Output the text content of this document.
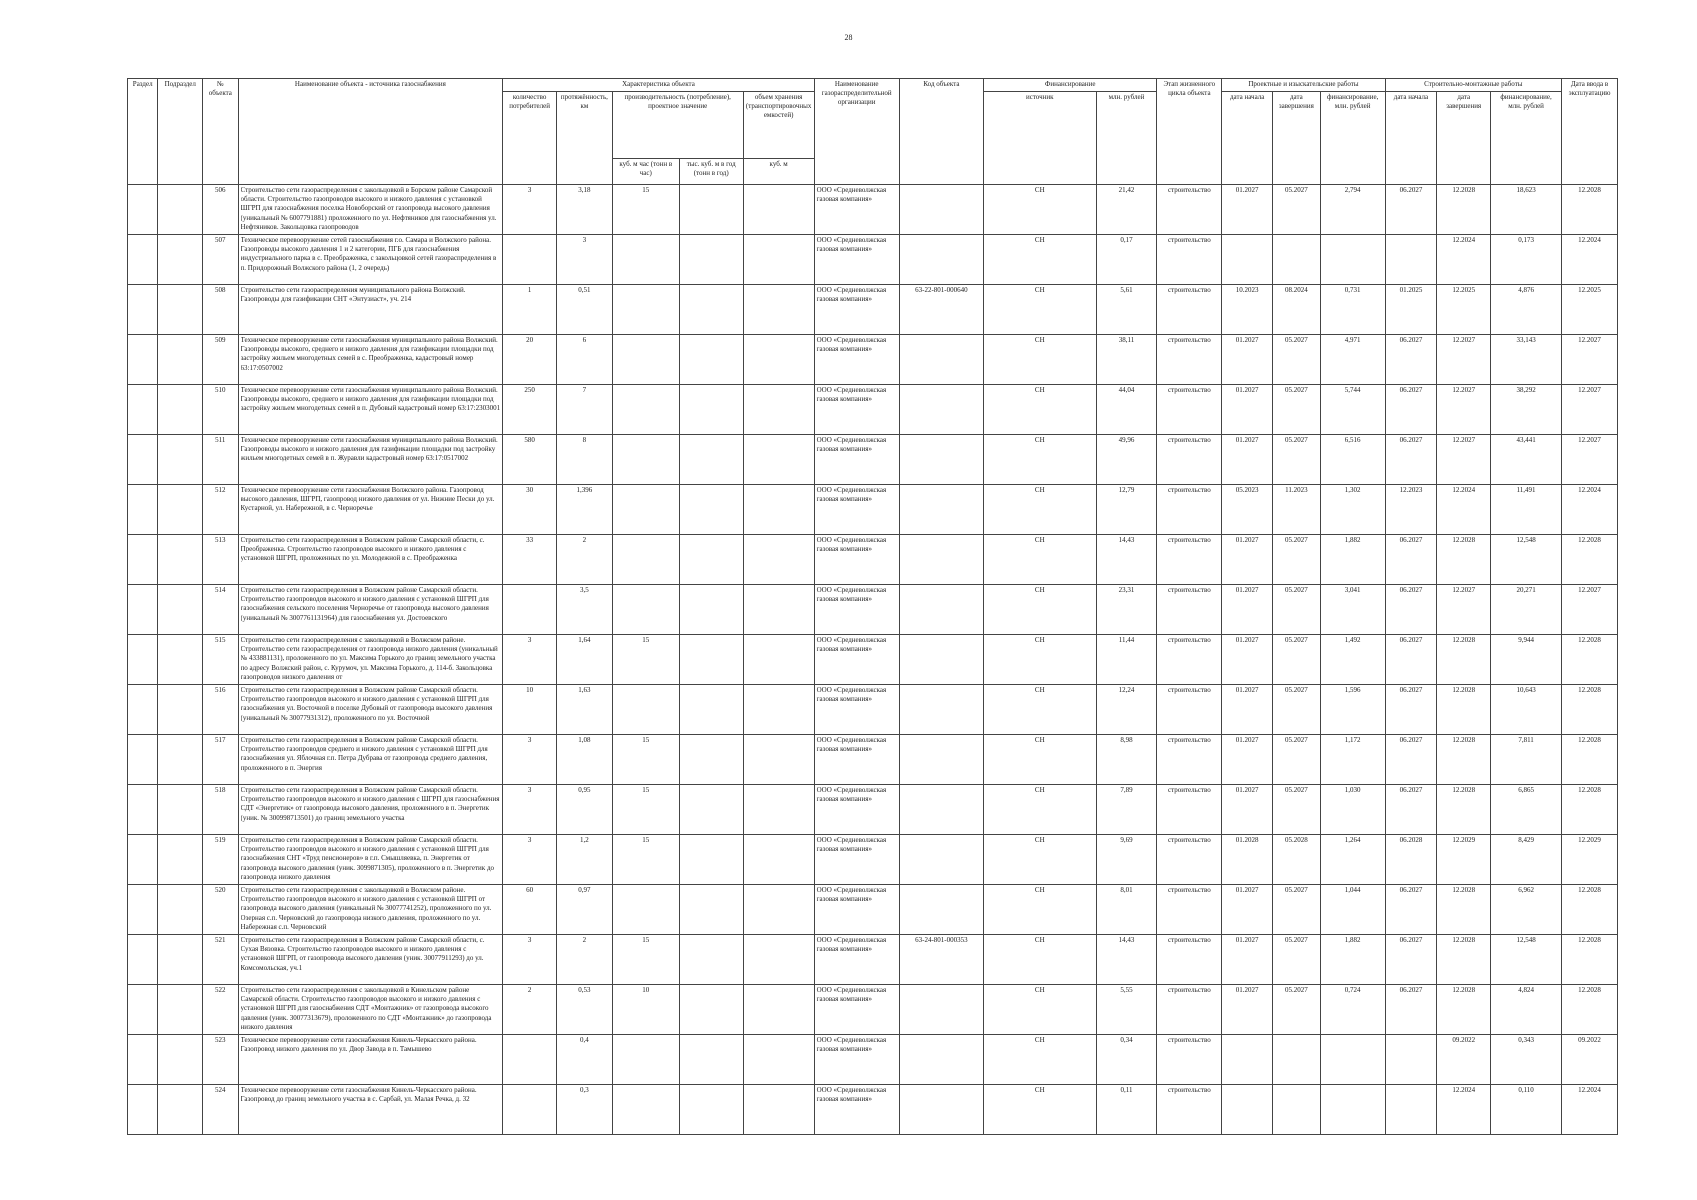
28
Раздел	Подраздел	№ объекта	Наименование объекта - источника газоснабжения	Характеристика объекта					Наименование газораспределительной организации	Код объекта	Финансирование		Этап жизненного цикла объекта	Проектные и изыскательские работы			Строительно-монтажные работы			Дата ввода в эксплуатацию
				количество потребителей	протяжённость, км	производительность (потребление), проектное значение		объем хранения (транспортировочных емкостей)			источник	млн. рублей		дата начала	дата завершения	финансирование, млн. рублей	дата начала	дата завершения	финансирование, млн. рублей	
						куб. м час (тонн в час)	тыс. куб. м в год (тонн в год)	куб. м												
		506	Строительство сети газораспределения с закольцовкой в Борском районе Самарской области. Строительство газопроводов высокого и низкого давления с установкой ШГРП для газоснабжения поселка Новоборский от газопровода высокого давления (уникальный № 6007791881) проложенного по ул. Нефтяников для газоснабжения ул. Нефтяников. Закольцовка газопроводов	3	3,18	15			ООО «Средневолжская газовая компания»		СН	21,42	строительство	01.2027	05.2027	2,794	06.2027	12.2028	18,623	12.2028
		507	Техническое перевооружение сетей газоснабжения г.о. Самара и Волжского района. Газопроводы высокого давления 1 и 2 категории, ПГБ для газоснабжения индустриального парка в с. Преображенка, с закольцовкой сетей газораспределения в п. Придорожный Волжского района (1, 2 очередь)		3				ООО «Средневолжская газовая компания»		СН	0,17	строительство					12.2024	0,173	12.2024
		508	Строительство сети газораспределения муниципального района Волжский. Газопроводы для газификации СНТ «Энтузиаст», уч. 214	1	0,51				ООО «Средневолжская газовая компания»	63-22-801-000640	СН	5,61	строительство	10.2023	08.2024	0,731	01.2025	12.2025	4,876	12.2025
		509	Техническое перевооружение сети газоснабжения муниципального района Волжский. Газопроводы высокого, среднего и низкого давления для газификации площадки под застройку жильем многодетных семей в с. Преображенка, кадастровый номер 63:17:0507002	20	6				ООО «Средневолжская газовая компания»		СН	38,11	строительство	01.2027	05.2027	4,971	06.2027	12.2027	33,143	12.2027
		510	Техническое перевооружение сети газоснабжения муниципального района Волжский. Газопроводы высокого, среднего и низкого давления для газификации площадки под застройку жильем многодетных семей в п. Дубовый кадастровый номер 63:17:2303001	250	7				ООО «Средневолжская газовая компания»		СН	44,04	строительство	01.2027	05.2027	5,744	06.2027	12.2027	38,292	12.2027
		511	Техническое перевооружение сети газоснабжения муниципального района Волжский. Газопроводы высокого и низкого давления для газификации площадки под застройку жильем многодетных семей в п. Журавли кадастровый номер 63:17:0517002	580	8				ООО «Средневолжская газовая компания»		СН	49,96	строительство	01.2027	05.2027	6,516	06.2027	12.2027	43,441	12.2027
		512	Техническое перевооружение сети газоснабжения Волжского района. Газопровод высокого давления, ШГРП, газопровод низкого давления от ул. Нижние Пески до ул. Кустарной, ул. Набережной, в с. Черноречье	30	1,396				ООО «Средневолжская газовая компания»		СН	12,79	строительство	05.2023	11.2023	1,302	12.2023	12.2024	11,491	12.2024
		513	Строительство сети газораспределения в Волжском районе Самарской области, с. Преображенка. Строительство газопроводов высокого и низкого давления с установкой ШГРП, проложенных по ул. Молодежной в с. Преображенка	33	2				ООО «Средневолжская газовая компания»		СН	14,43	строительство	01.2027	05.2027	1,882	06.2027	12.2028	12,548	12.2028
		514	Строительство сети газораспределения в Волжском районе Самарской области. Строительство газопроводов высокого и низкого давления с установкой ШГРП для газоснабжения сельского поселения Черноречье от газопровода высокого давления (уникальный № 3007761131964) для газоснабжения ул. Достоевского		3,5				ООО «Средневолжская газовая компания»		СН	23,31	строительство	01.2027	05.2027	3,041	06.2027	12.2027	20,271	12.2027
		515	Строительство сети газораспределения с закольцовкой в Волжском районе. Строительство сети газораспределения от газопровода низкого давления (уникальный № 433881131), проложенного по ул. Максима Горького до границ земельного участка по адресу Волжский район, с. Курумоч, ул. Максима Горького, д. 114-б. Закольцовка газопроводов низкого давления от	3	1,64	15			ООО «Средневолжская газовая компания»		СН	11,44	строительство	01.2027	05.2027	1,492	06.2027	12.2028	9,944	12.2028
		516	Строительство сети газораспределения в Волжском районе Самарской области. Строительство газопроводов высокого и низкого давления с установкой ШГРП для газоснабжения ул. Восточной в поселке Дубовый от газопровода высокого давления (уникальный № 30077931312), проложенного по ул. Восточной	10	1,63				ООО «Средневолжская газовая компания»		СН	12,24	строительство	01.2027	05.2027	1,596	06.2027	12.2028	10,643	12.2028
		517	Строительство сети газораспределения в Волжском районе Самарской области. Строительство газопроводов среднего и низкого давления с установкой ШГРП для газоснабжения ул. Яблочная г.п. Петра Дубрава от газопровода среднего давления, проложенного в п. Энергия	3	1,08	15			ООО «Средневолжская газовая компания»		СН	8,98	строительство	01.2027	05.2027	1,172	06.2027	12.2028	7,811	12.2028
		518	Строительство сети газораспределения в Волжском районе Самарской области. Строительство газопроводов высокого и низкого давления с ШГРП для газоснабжения СДТ «Энергетик» от газопровода высокого давления, проложенного в п. Энергетик (уник. № 300998713501) до границ земельного участка	3	0,95	15			ООО «Средневолжская газовая компания»		СН	7,89	строительство	01.2027	05.2027	1,030	06.2027	12.2028	6,865	12.2028
		519	Строительство сети газораспределения в Волжском районе Самарской области. Строительство газопроводов высокого и низкого давления с установкой ШГРП для газоснабжения СНТ «Труд пенсионеров» в г.п. Смышляевка, п. Энергетик от газопровода высокого давления (уник. 3099871305), проложенного в п. Энергетик до газопровода низкого давления	3	1,2	15			ООО «Средневолжская газовая компания»		СН	9,69	строительство	01.2028	05.2028	1,264	06.2028	12.2029	8,429	12.2029
		520	Строительство сети газораспределения с закольцовкой в Волжском районе. Строительство газопроводов высокого и низкого давления с установкой ШГРП от газопровода высокого давления (уникальный № 30077741252), проложенного по ул. Озерная с.п. Черновский до газопровода низкого давления, проложенного по ул. Набережная с.п. Черновский	60	0,97				ООО «Средневолжская газовая компания»		СН	8,01	строительство	01.2027	05.2027	1,044	06.2027	12.2028	6,962	12.2028
		521	Строительство сети газораспределения в Волжском районе Самарской области, с. Сухая Вязовка. Строительство газопроводов высокого и низкого давления с установкой ШГРП, от газопровода высокого давления (уник. 30077911293) до ул. Комсомольская, уч.1	3	2	15			ООО «Средневолжская газовая компания»	63-24-801-000353	СН	14,43	строительство	01.2027	05.2027	1,882	06.2027	12.2028	12,548	12.2028
		522	Строительство сети газораспределения с закольцовкой в Кинельском районе Самарской области. Строительство газопроводов высокого и низкого давления с установкой ШГРП для газоснабжения СДТ «Монтажник» от газопровода высокого давления (уник. 30077313679), проложенного по СДТ «Монтажник» до газопровода низкого давления	2	0,53	10			ООО «Средневолжская газовая компания»		СН	5,55	строительство	01.2027	05.2027	0,724	06.2027	12.2028	4,824	12.2028
		523	Техническое перевооружение сети газоснабжения Кинель-Черкасского района. Газопровод низкого давления по ул. Двор Завода в п. Тамышево		0,4				ООО «Средневолжская газовая компания»		СН	0,34	строительство					09.2022	0,343	09.2022
		524	Техническое перевооружение сети газоснабжения Кинель-Черкасского района. Газопровод до границ земельного участка в с. Сарбай, ул. Малая Речка, д. 32		0,3				ООО «Средневолжская газовая компания»		СН	0,11	строительство					12.2024	0,110	12.2024
